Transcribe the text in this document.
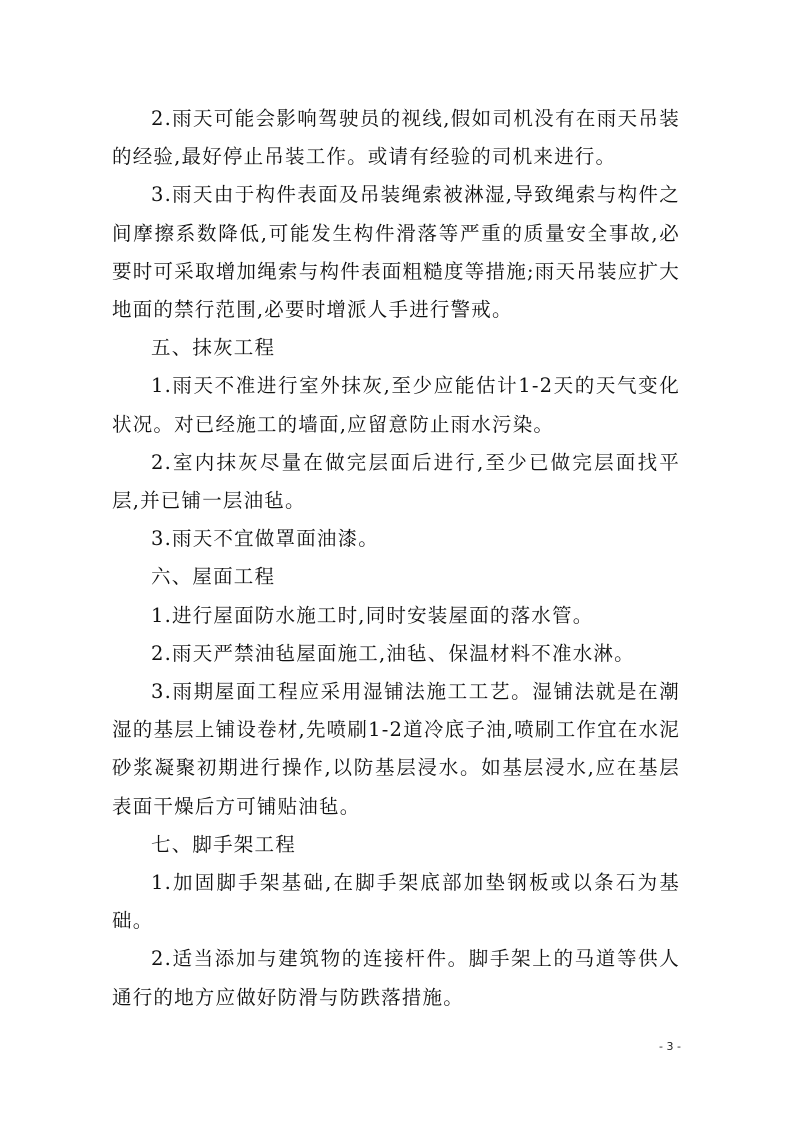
2.雨天可能会影响驾驶员的视线,假如司机没有在雨天吊装的经验,最好停止吊装工作。或请有经验的司机来进行。

3.雨天由于构件表面及吊装绳索被淋湿,导致绳索与构件之间摩擦系数降低,可能发生构件滑落等严重的质量安全事故,必要时可采取增加绳索与构件表面粗糙度等措施;雨天吊装应扩大地面的禁行范围,必要时增派人手进行警戒。

五、抹灰工程

1.雨天不准进行室外抹灰,至少应能估计1-2天的天气变化状况。对已经施工的墙面,应留意防止雨水污染。

2.室内抹灰尽量在做完层面后进行,至少已做完层面找平层,并已铺一层油毡。

3.雨天不宜做罩面油漆。

六、屋面工程

1.进行屋面防水施工时,同时安装屋面的落水管。

2.雨天严禁油毡屋面施工,油毡、保温材料不准水淋。

3.雨期屋面工程应采用湿铺法施工工艺。湿铺法就是在潮湿的基层上铺设卷材,先喷刷1-2道冷底子油,喷刷工作宜在水泥砂浆凝聚初期进行操作,以防基层浸水。如基层浸水,应在基层表面干燥后方可铺贴油毡。

七、脚手架工程

1.加固脚手架基础,在脚手架底部加垫钢板或以条石为基础。

2.适当添加与建筑物的连接杆件。脚手架上的马道等供人通行的地方应做好防滑与防跌落措施。

- 3 -
